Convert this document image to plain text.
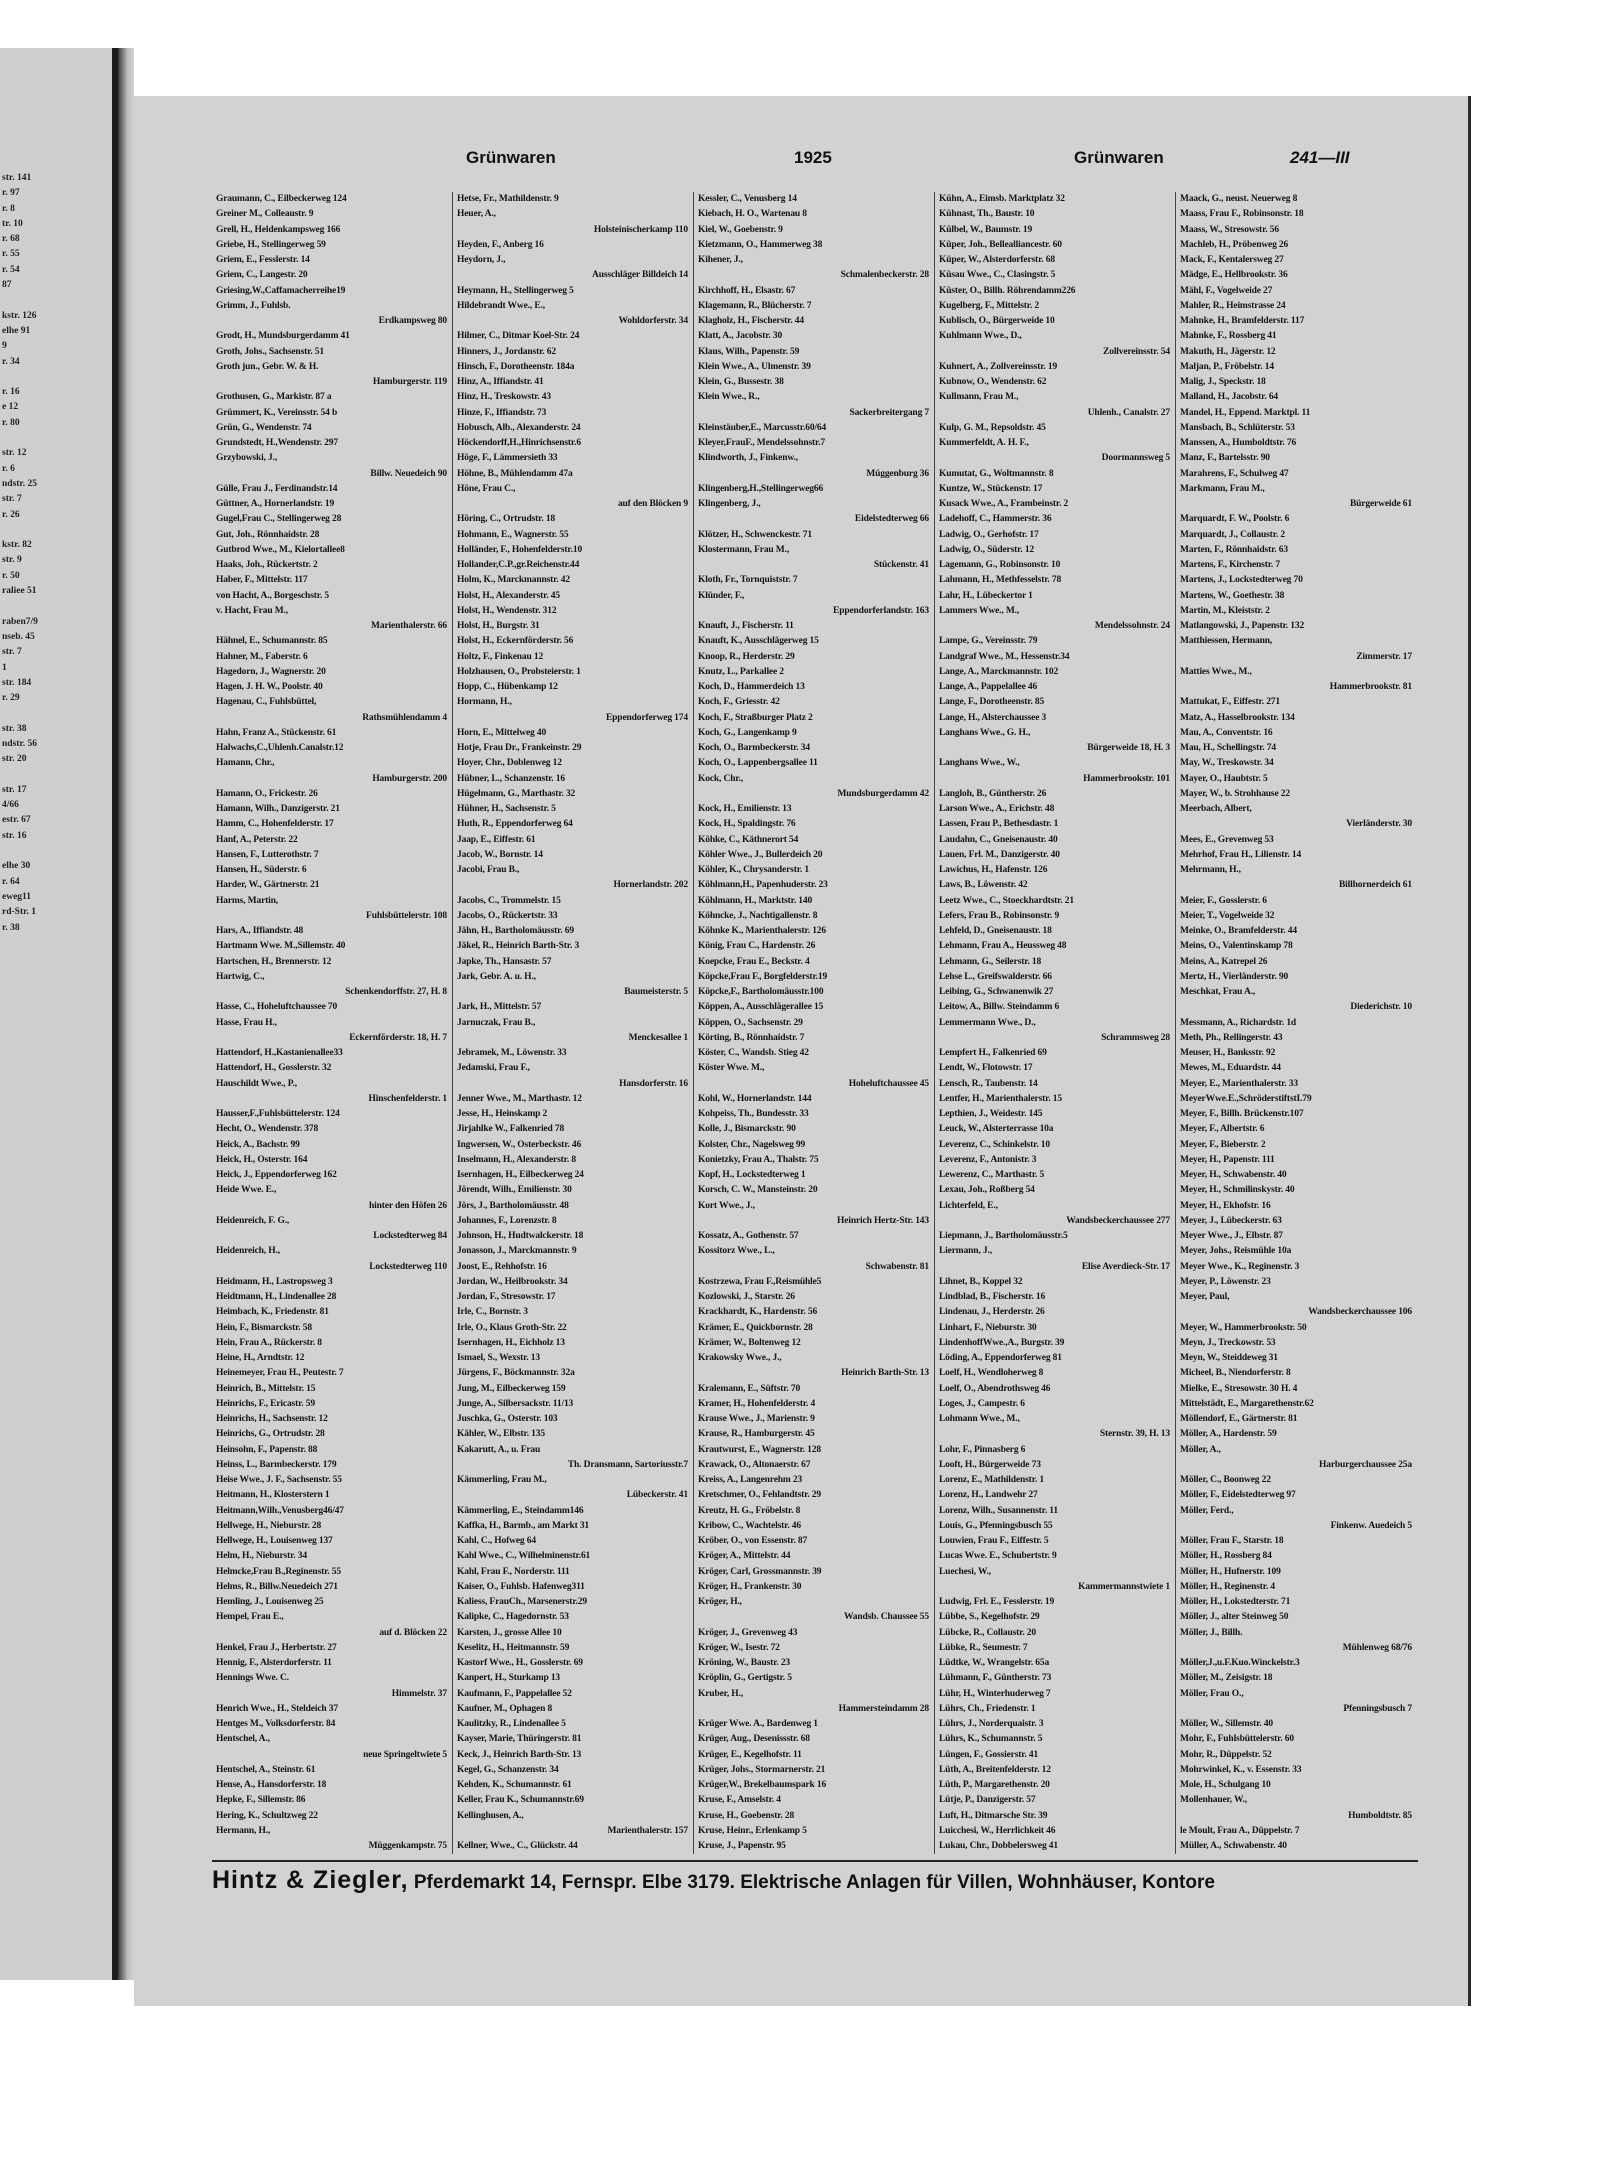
str. 141
r. 97
r. 8
tr. 10
r. 68
r. 55
r. 54
87

kstr. 126
elhe 91
9
r. 34

r. 16
e 12
r. 80

str. 12
r. 6
ndstr. 25
str. 7
r. 26

kstr. 82
str. 9
r. 50
raliee 51

raben7/9
nseb. 45
str. 7
1
str. 184
r. 29

str. 38
ndstr. 56
str. 20

str. 17
4/66
estr. 67
str. 16

elhe 30
r. 64
eweg11
rd-Str. 1
r. 38
Grünwaren	1925	Grünwaren	241—III
Graumann, C., Eilbeckerweg 124
Greiner M., Colleaustr. 9
Grell, H., Heldenkampsweg 166
Griebe, H., Stellingerweg 59
Griem, E., Fesslerstr. 14
Griem, C., Langestr. 20
Griesing,W.,Caffamacherreihe19
Grimm, J., Fuhlsb.
Erdkampsweg 80
Grodt, H., Mundsburgerdamm 41
Groth, Johs., Sachsenstr. 51
Groth jun., Gebr. W. & H.
Hamburgerstr. 119
Grothusen, G., Markistr. 87 a
Grümmert, K., Vereinsstr. 54 b
Grün, G., Wendenstr. 74
Grundstedt, H.,Wendenstr. 297
Grzybowski, J.,
Billw. Neuedeich 90
Gülle, Frau J., Ferdinandstr.14
Güttner, A., Hornerlandstr. 19
Gugel,Frau C., Stellingerweg 28
Gut, Joh., Rönnhaidstr. 28
Gutbrod Wwe., M., Kielortallee8
Haaks, Joh., Rückertstr. 2
Haber, F., Mittelstr. 117
von Hacht, A., Borgeschstr. 5
v. Hacht, Frau M.,
Marienthalerstr. 66
Hähnel, E., Schumannstr. 85
Hahner, M., Faberstr. 6
Hagedorn, J., Wagnerstr. 20
Hagen, J. H. W., Poolstr. 40
Hagenau, C., Fuhlsbüttel,
Rathsmühlendamm 4
Hahn, Franz A., Stückenstr. 61
Halwachs,C.,Uhlenh.Canalstr.12
Hamann, Chr.,
Hamburgerstr. 200
Hamann, O., Frickestr. 26
Hamann, Wilh., Danzigerstr. 21
Hamm, C., Hohenfelderstr. 17
Hanf, A., Peterstr. 22
Hansen, F., Lutterothstr. 7
Hansen, H., Süderstr. 6
Harder, W., Gärtnerstr. 21
Harms, Martin,
Fuhlsbüttelerstr. 108
Hars, A., Iffiandstr. 48
Hartmann Wwe. M.,Sillemstr. 40
Hartschen, H., Brennerstr. 12
Hartwig, C.,
Schenkendorffstr. 27, H. 8
Hasse, C., Hoheluftchaussee 70
Hasse, Frau H.,
Eckernförderstr. 18, H. 7
Hattendorf, H.,Kastanienallee33
Hattendorf, H., Gosslerstr. 32
Hauschildt Wwe., P.,
Hinschenfelderstr. 1
Hausser,F.,Fuhlsbüttelerstr. 124
Hecht, O., Wendenstr. 378
Heick, A., Bachstr. 99
Heick, H., Osterstr. 164
Heick, J., Eppendorferweg 162
Heide Wwe. E.,
hinter den Höfen 26
Heidenreich, F. G.,
Lockstedterweg 84
Heidenreich, H.,
Lockstedterweg 110
Heidmann, H., Lastropsweg 3
Heidtmann, H., Lindenallee 28
Heimbach, K., Friedenstr. 81
Hein, F., Bismarckstr. 58
Hein, Frau A., Rückerstr. 8
Heine, H., Arndtstr. 12
Heinemeyer, Frau H., Peutestr. 7
Heinrich, B., Mittelstr. 15
Heinrichs, F., Ericastr. 59
Heinrichs, H., Sachsenstr. 12
Heinrichs, G., Ortrudstr. 28
Heinsohn, F., Papenstr. 88
Heinss, L., Barmbeckerstr. 179
Heise Wwe., J. F., Sachsenstr. 55
Heitmann, H., Klosterstern 1
Heitmann,Wilh.,Venusberg46/47
Hellwege, H., Nieburstr. 28
Hellwege, H., Louisenweg 137
Helm, H., Nieburstr. 34
Helmcke,Frau B.,Reginenstr. 55
Helms, R., Billw.Neuedeich 271
Hemling, J., Louisenweg 25
Hempel, Frau E.,
auf d. Blöcken 22
Henkel, Frau J., Herbertstr. 27
Hennig, F., Alsterdorferstr. 11
Hennings Wwe. C.
Himmelstr. 37
Henrich Wwe., H., Steldeich 37
Hentges M., Volksdorferstr. 84
Hentschel, A.,
neue Springeltwiete 5
Hentschel, A., Steinstr. 61
Hense, A., Hansdorferstr. 18
Hepke, F., Sillemstr. 86
Hering, K., Schultzweg 22
Hermann, H.,
Müggenkampstr. 75
Hetse, Fr., Mathildenstr. 9
Heuer, A.,
Holsteinischerkamp 110
Heyden, F., Anberg 16
Heydorn, J.,
Ausschläger Billdeich 14
Heymann, H., Stellingerweg 5
Hildebrandt Wwe., E.,
Wohldorferstr. 34
Hilmer, C., Ditmar Koel-Str. 24
Hinners, J., Jordanstr. 62
Hinsch, F., Dorotheenstr. 184a
Hinz, A., Iffiandstr. 41
Hinz, H., Treskowstr. 43
Hinze, F., Iffiandstr. 73
Hobusch, Alb., Alexanderstr. 24
Höckendorff,H.,Hinrichsenstr.6
Höge, F., Lämmersieth 33
Höhne, B., Mühlendamm 47a
Höne, Frau C.,
auf den Blöcken 9
Höring, C., Ortrudstr. 18
Hohmann, E., Wagnerstr. 55
Holländer, F., Hohenfelderstr.10
Hollander,C.P.,gr.Reichenstr.44
Holm, K., Marckmannstr. 42
Holst, H., Alexanderstr. 45
Holst, H., Wendenstr. 312
Holst, H., Burgstr. 31
Holst, H., Eckernförderstr. 56
Holtz, F., Finkenau 12
Holzhausen, O., Probsteierstr. 1
Hopp, C., Hübenkamp 12
Hormann, H.,
Eppendorferweg 174
Horn, E., Mittelweg 40
Hotje, Frau Dr., Frankeinstr. 29
Hoyer, Chr., Doblenweg 12
Hübner, L., Schanzenstr. 16
Hügelmann, G., Marthastr. 32
Hühner, H., Sachsenstr. 5
Huth, R., Eppendorferweg 64
Jaap, E., Eiffestr. 61
Jacob, W., Bornstr. 14
Jacobi, Frau B.,
Hornerlandstr. 202
Jacobs, C., Trommelstr. 15
Jacobs, O., Rückertstr. 33
Jähn, H., Bartholomäusstr. 69
Jäkel, R., Heinrich Barth-Str. 3
Japke, Th., Hansastr. 57
Jark, Gebr. A. u. H.,
Baumeisterstr. 5
Jark, H., Mittelstr. 57
Jarnuczak, Frau B.,
Menckesallee 1
Jebramek, M., Löwenstr. 33
Jedamski, Frau F.,
Hansdorferstr. 16
Jenner Wwe., M., Marthastr. 12
Jesse, H., Heinskamp 2
Jirjahlke W., Falkenried 78
Ingwersen, W., Osterbeckstr. 46
Inselmann, H., Alexanderstr. 8
Isernhagen, H., Eilbeckerweg 24
Jörendt, Wilh., Emilienstr. 30
Jörs, J., Bartholomäusstr. 48
Johannes, F., Lorenzstr. 8
Johnson, H., Hudtwalckerstr. 18
Jonasson, J., Marckmannstr. 9
Joost, E., Rehhofstr. 16
Jordan, W., Heilbrookstr. 34
Jordan, F., Stresowstr. 17
Irle, C., Bornstr. 3
Irle, O., Klaus Groth-Str. 22
Isernhagen, H., Eichholz 13
Ismael, S., Wexstr. 13
Jürgens, F., Böckmannstr. 32a
Jung, M., Eilbeckerweg 159
Junge, A., Silbersackstr. 11/13
Juschka, G., Osterstr. 103
Kähler, W., Elbstr. 135
Kakarutt, A., u. Frau
Th. Dransmann, Sartoriusstr.7
Kämmerling, Frau M.,
Lübeckerstr. 41
Kämmerling, E., Steindamm146
Kaffka, H., Barmb., am Markt 31
Kahl, C., Hofweg 64
Kahl Wwe., C., Wilhelminenstr.61
Kahl, Frau F., Norderstr. 111
Kaiser, O., Fuhlsb. Hafenweg311
Kaliess, FrauCh., Marsenerstr.29
Kalipke, C., Hagedornstr. 53
Karsten, J., grosse Allee 10
Keselitz, H., Heitmannstr. 59
Kastorf Wwe., H., Gosslerstr. 69
Kanpert, H., Sturkamp 13
Kaufmann, F., Pappelallee 52
Kaufner, M., Ophagen 8
Kaulitzky, R., Lindenallee 5
Kayser, Marie, Thüringerstr. 81
Keck, J., Heinrich Barth-Str. 13
Kegel, G., Schanzenstr. 34
Kehden, K., Schumannstr. 61
Keller, Frau K., Schumannstr.69
Kellinghusen, A.,
Marienthalerstr. 157
Kellner, Wwe., C., Glückstr. 44
Kessler, C., Venusberg 14
Kiebach, H. O., Wartenau 8
Kiel, W., Goebenstr. 9
Kietzmann, O., Hammerweg 38
Kihener, J.,
Schmalenbeckerstr. 28
Kirchhoff, H., Elsastr. 67
Klagemann, R., Blücherstr. 7
Klagholz, H., Fischerstr. 44
Klatt, A., Jacobstr. 30
Klaus, Wilh., Papenstr. 59
Klein Wwe., A., Ulmenstr. 39
Klein, G., Bussestr. 38
Klein Wwe., R.,
Sackerbreitergang 7
Kleinstäuber,E., Marcusstr.60/64
Kleyer,FrauF., Mendelssohnstr.7
Klindworth, J., Finkenw.,
Müggenburg 36
Klingenberg,H.,Stellingerweg66
Klingenberg, J.,
Eidelstedterweg 66
Klötzer, H., Schwenckestr. 71
Klostermann, Frau M.,
Stückenstr. 41
Kloth, Fr., Tornquiststr. 7
Klünder, F.,
Eppendorferlandstr. 163
Knauft, J., Fischerstr. 11
Knauft, K., Ausschlägerweg 15
Knoop, R., Herderstr. 29
Knutz, L., Parkallee 2
Koch, D., Hammerdeich 13
Koch, F., Griesstr. 42
Koch, F., Straßburger Platz 2
Koch, G., Langenkamp 9
Koch, O., Barmbeckerstr. 34
Koch, O., Lappenbergsallee 11
Kock, Chr.,
Mundsburgerdamm 42
Kock, H., Emilienstr. 13
Kock, H., Spaldingstr. 76
Köhke, C., Käthnerort 54
Köhler Wwe., J., Bullerdeich 20
Köhler, K., Chrysanderstr. 1
Köhlmann,H., Papenhuderstr. 23
Köhlmann, H., Marktstr. 140
Köhncke, J., Nachtigallenstr. 8
Köhnke K., Marienthalerstr. 126
König, Frau C., Hardenstr. 26
Koepcke, Frau E., Beckstr. 4
Köpcke,Frau F., Borgfelderstr.19
Köpcke,F., Bartholomäusstr.100
Köppen, A., Ausschlägerallee 15
Köppen, O., Sachsenstr. 29
Körting, B., Rönnhaidstr. 7
Köster, C., Wandsb. Stieg 42
Köster Wwe. M.,
Hoheluftchaussee 45
Kohl, W., Hornerlandstr. 144
Kohpeiss, Th., Bundesstr. 33
Kolle, J., Bismarckstr. 90
Kolster, Chr., Nagelsweg 99
Konietzky, Frau A., Thalstr. 75
Kopf, H., Lockstedterweg 1
Korsch, C. W., Mansteinstr. 20
Kort Wwe., J.,
Heinrich Hertz-Str. 143
Kossatz, A., Gothenstr. 57
Kossitorz Wwe., L.,
Schwabenstr. 81
Kostrzewa, Frau F.,Reismühle5
Kozlowski, J., Starstr. 26
Krackhardt, K., Hardenstr. 56
Krämer, E., Quickbornstr. 28
Krämer, W., Boltenweg 12
Krakowsky Wwe., J.,
Heinrich Barth-Str. 13
Kralemann, E., Süftstr. 70
Kramer, H., Hohenfelderstr. 4
Krause Wwe., J., Marienstr. 9
Krause, R., Hamburgerstr. 45
Krautwurst, E., Wagnerstr. 128
Krawack, O., Altonaerstr. 67
Kreiss, A., Langenrehm 23
Kretschmer, O., Fehlandtstr. 29
Kreutz, H. G., Fröbelstr. 8
Kribow, C., Wachtelstr. 46
Kröber, O., von Essenstr. 87
Kröger, A., Mittelstr. 44
Kröger, Carl, Grossmannstr. 39
Kröger, H., Frankenstr. 30
Kröger, H.,
Wandsb. Chaussee 55
Kröger, J., Grevenweg 43
Kröger, W., Isestr. 72
Kröning, W., Baustr. 23
Kröplin, G., Gertigstr. 5
Kruber, H.,
Hammersteindamm 28
Krüger Wwe. A., Bardenweg 1
Krüger, Aug., Desenissstr. 68
Krüger, E., Kegelhofstr. 11
Krüger, Johs., Stormarnerstr. 21
Krüger,W., Brekelbaumspark 16
Kruse, F., Amselstr. 4
Kruse, H., Goebenstr. 28
Kruse, Heinr., Erlenkamp 5
Kruse, J., Papenstr. 95
Kühn, A., Eimsb. Marktplatz 32
Kühnast, Th., Baustr. 10
Külbel, W., Baumstr. 19
Küper, Joh., Bellealliancestr. 60
Küper, W., Alsterdorferstr. 68
Küsau Wwe., C., Clasingstr. 5
Küster, O., Billh. Röhrendamm226
Kugelberg, F., Mittelstr. 2
Kublisch, O., Bürgerweide 10
Kuhlmann Wwe., D.,
Zollvereinsstr. 54
Kuhnert, A., Zollvereinsstr. 19
Kubnow, O., Wendenstr. 62
Kullmann, Frau M.,
Uhlenh., Canalstr. 27
Kulp, G. M., Repsoldstr. 45
Kummerfeldt, A. H. F.,
Doormannsweg 5
Kumutat, G., Woltmannstr. 8
Kuntze, W., Stückenstr. 17
Kusack Wwe., A., Frambeinstr. 2
Ladehoff, C., Hammerstr. 36
Ladwig, O., Gerhofstr. 17
Ladwig, O., Süderstr. 12
Lagemann, G., Robinsonstr. 10
Lahmann, H., Methfesselstr. 78
Lahr, H., Lübeckertor 1
Lammers Wwe., M.,
Mendelssohnstr. 24
Lampe, G., Vereinsstr. 79
Landgraf Wwe., M., Hessenstr.34
Lange, A., Marckmannstr. 102
Lange, A., Pappelallee 46
Lange, F., Dorotheenstr. 85
Lange, H., Alsterchaussee 3
Langhans Wwe., G. H.,
Bürgerweide 18, H. 3
Langhans Wwe., W.,
Hammerbrookstr. 101
Langloh, B., Güntherstr. 26
Larson Wwe., A., Erichstr. 48
Lassen, Frau P., Bethesdastr. 1
Laudahn, C., Gneisenaustr. 40
Lauen, Frl. M., Danzigerstr. 40
Lawichus, H., Hafenstr. 126
Laws, B., Löwenstr. 42
Leetz Wwe., C., Stoeckhardtstr. 21
Lefers, Frau B., Robinsonstr. 9
Lehfeld, D., Gneisenaustr. 18
Lehmann, Frau A., Heussweg 48
Lehmann, G., Seilerstr. 18
Lehse L., Greifswalderstr. 66
Leibing, G., Schwanenwik 27
Leitow, A., Billw. Steindamm 6
Lemmermann Wwe., D.,
Schrammsweg 28
Lempfert H., Falkenried 69
Lendt, W., Flotowstr. 17
Lensch, R., Taubenstr. 14
Lentfer, H., Marienthalerstr. 15
Lepthien, J., Weidestr. 145
Leuck, W., Alsterterrasse 10a
Leverenz, C., Schinkelstr. 10
Leverenz, F., Antonistr. 3
Lewerenz, C., Marthastr. 5
Lexau, Joh., Roßberg 54
Lichterfeld, E.,
Wandsbeckerchaussee 277
Liepmann, J., Bartholomäusstr.5
Liermann, J.,
Elise Averdieck-Str. 17
Lihnet, B., Koppel 32
Lindblad, B., Fischerstr. 16
Lindenau, J., Herderstr. 26
Linhart, F., Nieburstr. 30
LindenhoffWwe.,A., Burgstr. 39
Löding, A., Eppendorferweg 81
Loelf, H., Wendloherweg 8
Loelf, O., Abendrothsweg 46
Loges, J., Campestr. 6
Lohmann Wwe., M.,
Sternstr. 39, H. 13
Lohr, F., Pinnasberg 6
Looft, H., Bürgerweide 73
Lorenz, E., Mathildenstr. 1
Lorenz, H., Landwehr 27
Lorenz, Wilh., Susannenstr. 11
Louis, G., Pfenningsbusch 55
Louwien, Frau F., Eiffestr. 5
Lucas Wwe. E., Schubertstr. 9
Luechesi, W.,
Kammermannstwiete 1
Ludwig, Frl. E., Fesslerstr. 19
Lübbe, S., Kegelhofstr. 29
Lübcke, R., Collaustr. 20
Lübke, R., Seumestr. 7
Lüdtke, W., Wrangelstr. 65a
Lühmann, F., Güntherstr. 73
Lühr, H., Winterhuderweg 7
Lührs, Ch., Friedenstr. 1
Lührs, J., Norderquaistr. 3
Lührs, K., Schumannstr. 5
Lüngen, F., Gossierstr. 41
Lüth, A., Breitenfelderstr. 12
Lüth, P., Margarethenstr. 20
Lütje, P., Danzigerstr. 57
Luft, H., Ditmarsche Str. 39
Luicchesi, W., Herrlichkeit 46
Lukau, Chr., Dobbelersweg 41
Maack, G., neust. Neuerweg 8
Maass, Frau F., Robinsonstr. 18
Maass, W., Stresowstr. 56
Machleb, H., Pröbenweg 26
Mack, F., Kentalersweg 27
Mädge, E., Hellbrookstr. 36
Mähl, F., Vogelweide 27
Mahler, R., Heimstrasse 24
Mahnke, H., Bramfelderstr. 117
Mahnke, F., Rossberg 41
Makuth, H., Jägerstr. 12
Maljan, P., Fröbelstr. 14
Malig, J., Speckstr. 18
Malland, H., Jacobstr. 64
Mandel, H., Eppend. Marktpl. 11
Mansbach, B., Schlüterstr. 53
Manssen, A., Humboldtstr. 76
Manz, F., Bartelsstr. 90
Marahrens, F., Schulweg 47
Markmann, Frau M.,
Bürgerweide 61
Marquardt, F. W., Poolstr. 6
Marquardt, J., Collaustr. 2
Marten, F., Rönnhaidstr. 63
Martens, F., Kirchenstr. 7
Martens, J., Lockstedterweg 70
Martens, W., Goethestr. 38
Martin, M., Kleiststr. 2
Matlangowski, J., Papenstr. 132
Matthiessen, Hermann,
Zimmerstr. 17
Matties Wwe., M.,
Hammerbrookstr. 81
Mattukat, F., Eiffestr. 271
Matz, A., Hasselbrookstr. 134
Mau, A., Conventstr. 16
Mau, H., Schellingstr. 74
May, W., Treskowstr. 34
Mayer, O., Haubtstr. 5
Mayer, W., b. Strohhause 22
Meerbach, Albert,
Vierländerstr. 30
Mees, E., Grevenweg 53
Mehrhof, Frau H., Lilienstr. 14
Mehrmann, H.,
Billhornerdeich 61
Meier, F., Gosslerstr. 6
Meier, T., Vogelweide 32
Meinke, O., Bramfelderstr. 44
Meins, O., Valentinskamp 78
Meins, A., Katrepel 26
Mertz, H., Vierländerstr. 90
Meschkat, Frau A.,
Diederichstr. 10
Messmann, A., Richardstr. 1d
Meth, Ph., Rellingerstr. 43
Meuser, H., Banksstr. 92
Mewes, M., Eduardstr. 44
Meyer, E., Marienthalerstr. 33
MeyerWwe.E.,SchröderstiftstI.79
Meyer, F., Billh. Brückenstr.107
Meyer, F., Albertstr. 6
Meyer, F., Bieberstr. 2
Meyer, H., Papenstr. 111
Meyer, H., Schwabenstr. 40
Meyer, H., Schmilinskystr. 40
Meyer, H., Ekhofstr. 16
Meyer, J., Lübeckerstr. 63
Meyer Wwe., J., Elbstr. 87
Meyer, Johs., Reismühle 10a
Meyer Wwe., K., Reginenstr. 3
Meyer, P., Löwenstr. 23
Meyer, Paul,
Wandsbeckerchaussee 106
Meyer, W., Hammerbrookstr. 50
Meyn, J., Treckowstr. 53
Meyn, W., Steiddeweg 31
Micheel, B., Niendorferstr. 8
Mielke, E., Stresowstr. 30 H. 4
Mittelstädt, E., Margarethenstr.62
Möllendorf, E., Gärtnerstr. 81
Möller, A., Hardenstr. 59
Möller, A.,
Harburgerchaussee 25a
Möller, C., Boonweg 22
Möller, F., Eidelstedterweg 97
Möller, Ferd.,
Finkenw. Auedeich 5
Möller, Frau F., Starstr. 18
Möller, H., Rossberg 84
Möller, H., Hufnerstr. 109
Möller, H., Reginenstr. 4
Möller, H., Lokstedterstr. 71
Möller, J., alter Steinweg 50
Möller, J., Billh.
Mühlenweg 68/76
Möller,J.,u.F.Kuo.Winckelstr.3
Möller, M., Zeisigstr. 18
Möller, Frau O.,
Pfenningsbusch 7
Möller, W., Sillemstr. 40
Mohr, F., Fuhlsbüttelerstr. 60
Mohr, R., Düppelstr. 52
Mohrwinkel, K., v. Essenstr. 33
Mole, H., Schulgang 10
Mollenhauer, W.,
Humboldtstr. 85
le Moult, Frau A., Düppelstr. 7
Müller, A., Schwabenstr. 40
Hintz & Ziegler, Pferdemarkt 14, Fernspr. Elbe 3179. Elektrische Anlagen für Villen, Wohnhäuser, Kontore
